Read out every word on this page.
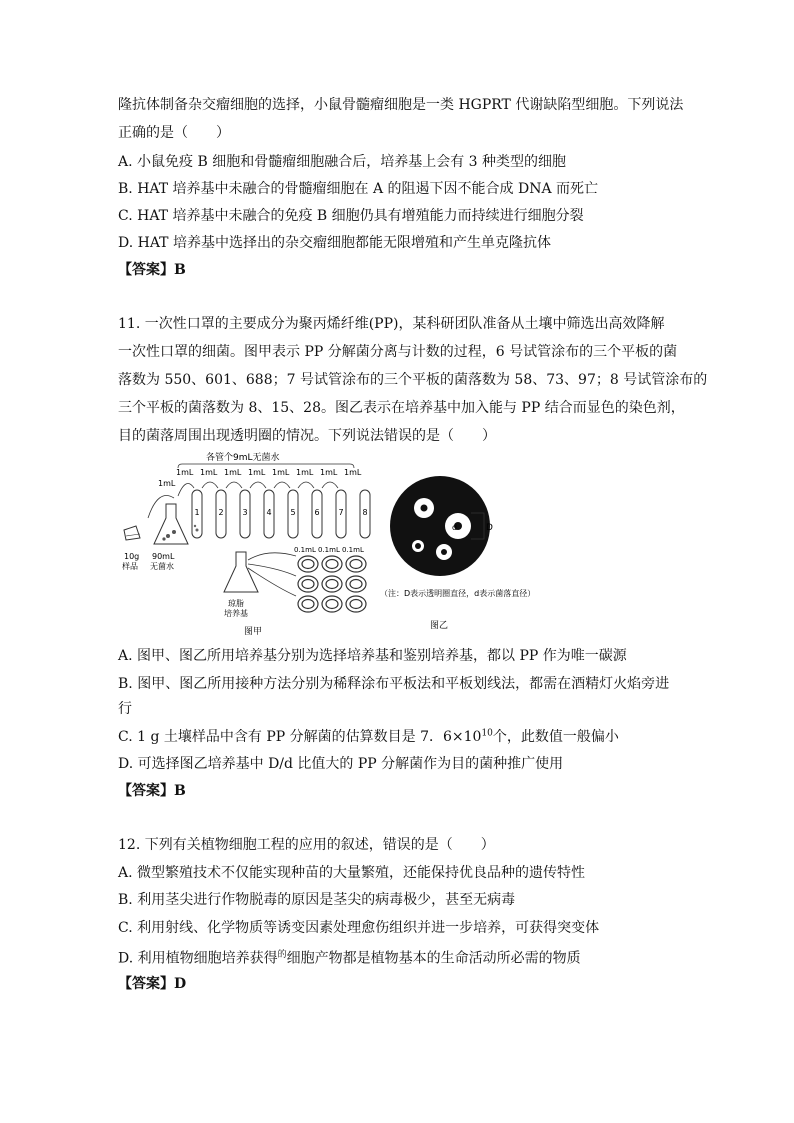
隆抗体制备杂交瘤细胞的选择，小鼠骨髓瘤细胞是一类 HGPRT 代谢缺陷型细胞。下列说法
正确的是（　　）
A. 小鼠免疫 B 细胞和骨髓瘤细胞融合后，培养基上会有 3 种类型的细胞
B. HAT 培养基中未融合的骨髓瘤细胞在 A 的阻遏下因不能合成 DNA 而死亡
C. HAT 培养基中未融合的免疫 B 细胞仍具有增殖能力而持续进行细胞分裂
D. HAT 培养基中选择出的杂交瘤细胞都能无限增殖和产生单克隆抗体
【答案】B
11. 一次性口罩的主要成分为聚丙烯纤维(PP)，某科研团队准备从土壤中筛选出高效降解
一次性口罩的细菌。图甲表示 PP 分解菌分离与计数的过程，6 号试管涂布的三个平板的菌
落数为 550、601、688；7 号试管涂布的三个平板的菌落数为 58、73、97；8 号试管涂布的
三个平板的菌落数为 8、15、28。图乙表示在培养基中加入能与 PP 结合而显色的染色剂，
目的菌落周围出现透明圈的情况。下列说法错误的是（　　）
各管个9mL无菌水
1mL 1mL 1mL 1mL 1mL 1mL 1mL 1mL
1mL
90mL
无菌水
10g
样品
1 2 3 4 5 6 7 8
0.1mL 0.1mL 0.1mL
琼脂
培养基
图甲
d	D
（注：D表示透明圈直径，d表示菌落直径）
图乙
A. 图甲、图乙所用培养基分别为选择培养基和鉴别培养基，都以 PP 作为唯一碳源
B. 图甲、图乙所用接种方法分别为稀释涂布平板法和平板划线法，都需在酒精灯火焰旁进
行
C. 1 g 土壤样品中含有 PP 分解菌的估算数目是 7．$6\times 10^{10}$个，此数值一般偏小
D. 可选择图乙培养基中 D/d 比值大的 PP 分解菌作为目的菌种推广使用
【答案】B
12. 下列有关植物细胞工程的应用的叙述，错误的是（　　）
A. 微型繁殖技术不仅能实现种苗的大量繁殖，还能保持优良品种的遗传特性
B. 利用茎尖进行作物脱毒的原因是茎尖的病毒极少，甚至无病毒
C. 利用射线、化学物质等诱变因素处理愈伤组织并进一步培养，可获得突变体
D. 利用植物细胞培养获得$^的$细胞产物都是植物基本的生命活动所必需的物质
【答案】D
